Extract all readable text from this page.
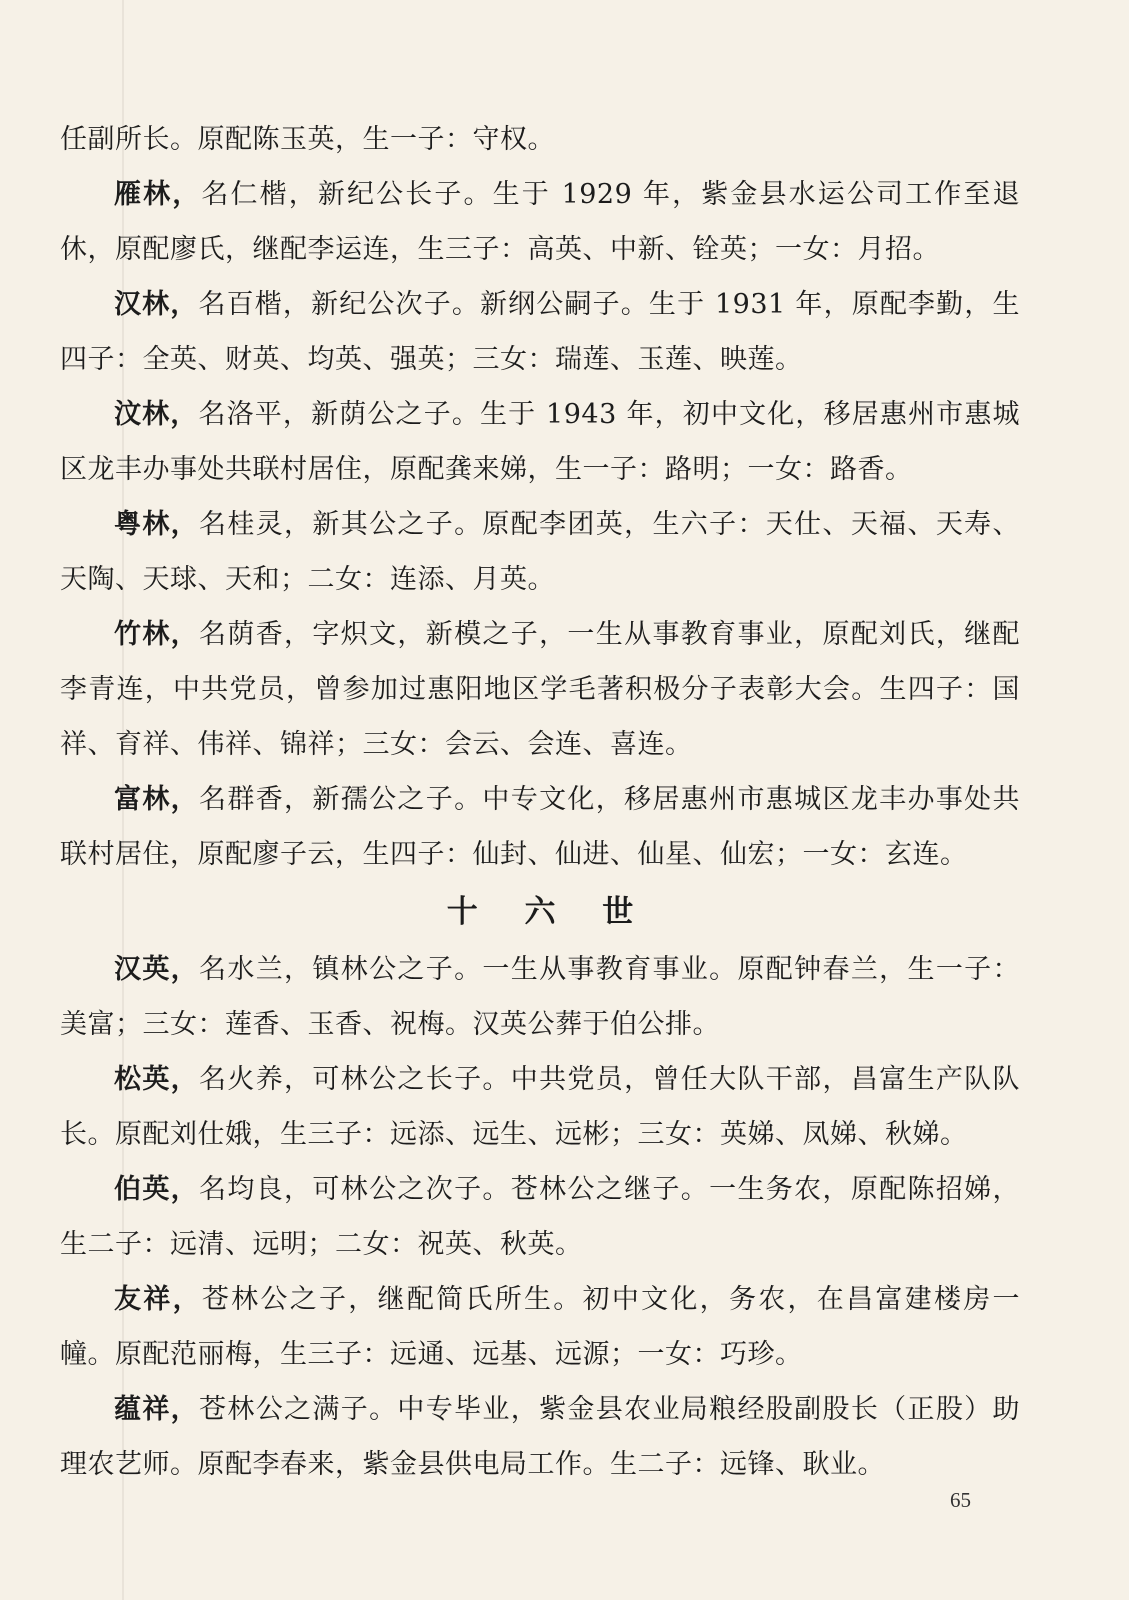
任副所长。原配陈玉英，生一子：守权。

雁林，名仁楷，新纪公长子。生于 1929 年，紫金县水运公司工作至退休，原配廖氏，继配李运连，生三子：高英、中新、铨英；一女：月招。

汉林，名百楷，新纪公次子。新纲公嗣子。生于 1931 年，原配李勤，生四子：全英、财英、均英、强英；三女：瑞莲、玉莲、映莲。

汶林，名洛平，新荫公之子。生于 1943 年，初中文化，移居惠州市惠城区龙丰办事处共联村居住，原配龚来娣，生一子：路明；一女：路香。

粤林，名桂灵，新其公之子。原配李团英，生六子：天仕、天福、天寿、天陶、天球、天和；二女：连添、月英。

竹林，名荫香，字炽文，新模之子，一生从事教育事业，原配刘氏，继配李青连，中共党员，曾参加过惠阳地区学毛著积极分子表彰大会。生四子：国祥、育祥、伟祥、锦祥；三女：会云、会连、喜连。

富林，名群香，新孺公之子。中专文化，移居惠州市惠城区龙丰办事处共联村居住，原配廖子云，生四子：仙封、仙进、仙星、仙宏；一女：玄连。

十 六 世

汉英，名水兰，镇林公之子。一生从事教育事业。原配钟春兰，生一子：美富；三女：莲香、玉香、祝梅。汉英公葬于伯公排。

松英，名火养，可林公之长子。中共党员，曾任大队干部，昌富生产队队长。原配刘仕娥，生三子：远添、远生、远彬；三女：英娣、凤娣、秋娣。

伯英，名均良，可林公之次子。苍林公之继子。一生务农，原配陈招娣，生二子：远清、远明；二女：祝英、秋英。

友祥，苍林公之子，继配简氏所生。初中文化，务农，在昌富建楼房一幢。原配范丽梅，生三子：远通、远基、远源；一女：巧珍。

蕴祥，苍林公之满子。中专毕业，紫金县农业局粮经股副股长（正股）助理农艺师。原配李春来，紫金县供电局工作。生二子：远锋、耿业。

65
